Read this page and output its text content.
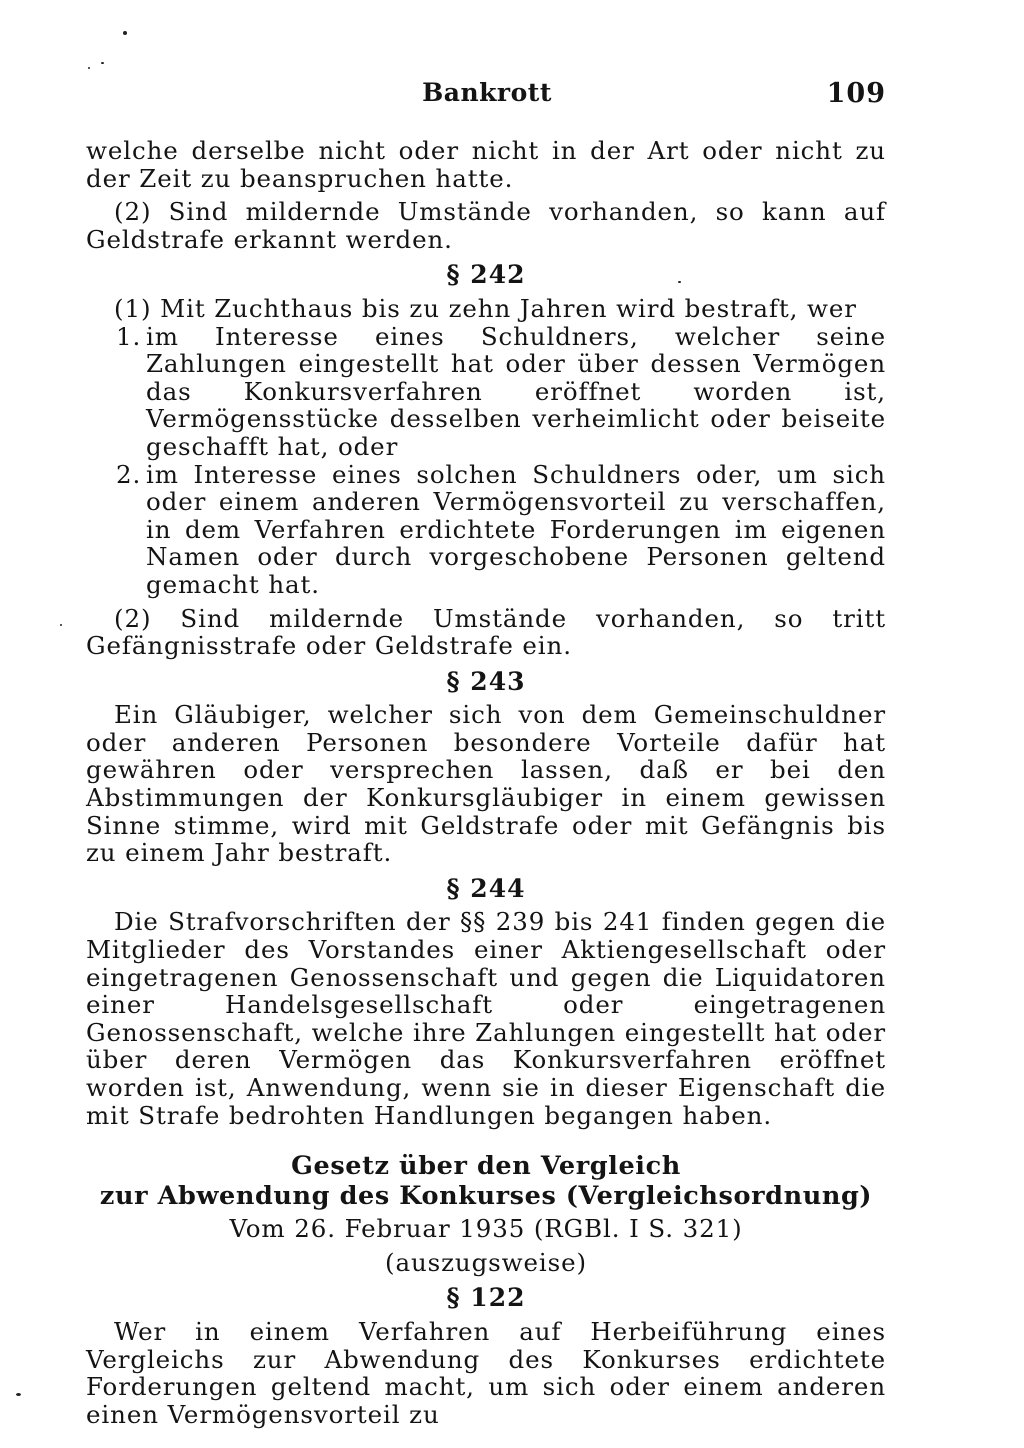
Bankrott	109

welche derselbe nicht oder nicht in der Art oder nicht zu der Zeit zu beanspruchen hatte.

(2) Sind mildernde Umstände vorhanden, so kann auf Geldstrafe erkannt werden.

§ 242

(1) Mit Zuchthaus bis zu zehn Jahren wird bestraft, wer

1. im Interesse eines Schuldners, welcher seine Zahlungen eingestellt hat oder über dessen Vermögen das Konkursverfahren eröffnet worden ist, Vermögensstücke desselben verheimlicht oder beiseite geschafft hat, oder
2. im Interesse eines solchen Schuldners oder, um sich oder einem anderen Vermögensvorteil zu verschaffen, in dem Verfahren erdichtete Forderungen im eigenen Namen oder durch vorgeschobene Personen geltend gemacht hat.

(2) Sind mildernde Umstände vorhanden, so tritt Gefängnisstrafe oder Geldstrafe ein.

§ 243

Ein Gläubiger, welcher sich von dem Gemeinschuldner oder anderen Personen besondere Vorteile dafür hat gewähren oder versprechen lassen, daß er bei den Abstimmungen der Konkursgläubiger in einem gewissen Sinne stimme, wird mit Geldstrafe oder mit Gefängnis bis zu einem Jahr bestraft.

§ 244

Die Strafvorschriften der §§ 239 bis 241 finden gegen die Mitglieder des Vorstandes einer Aktiengesellschaft oder eingetragenen Genossenschaft und gegen die Liquidatoren einer Handelsgesellschaft oder eingetragenen Genossenschaft, welche ihre Zahlungen eingestellt hat oder über deren Vermögen das Konkursverfahren eröffnet worden ist, Anwendung, wenn sie in dieser Eigenschaft die mit Strafe bedrohten Handlungen begangen haben.

Gesetz über den Vergleich
zur Abwendung des Konkurses (Vergleichsordnung)
Vom 26. Februar 1935 (RGBl. I S. 321)
(auszugsweise)
§ 122

Wer in einem Verfahren auf Herbeiführung eines Vergleichs zur Abwendung des Konkurses erdichtete Forderungen geltend macht, um sich oder einem anderen einen Vermögensvorteil zu
